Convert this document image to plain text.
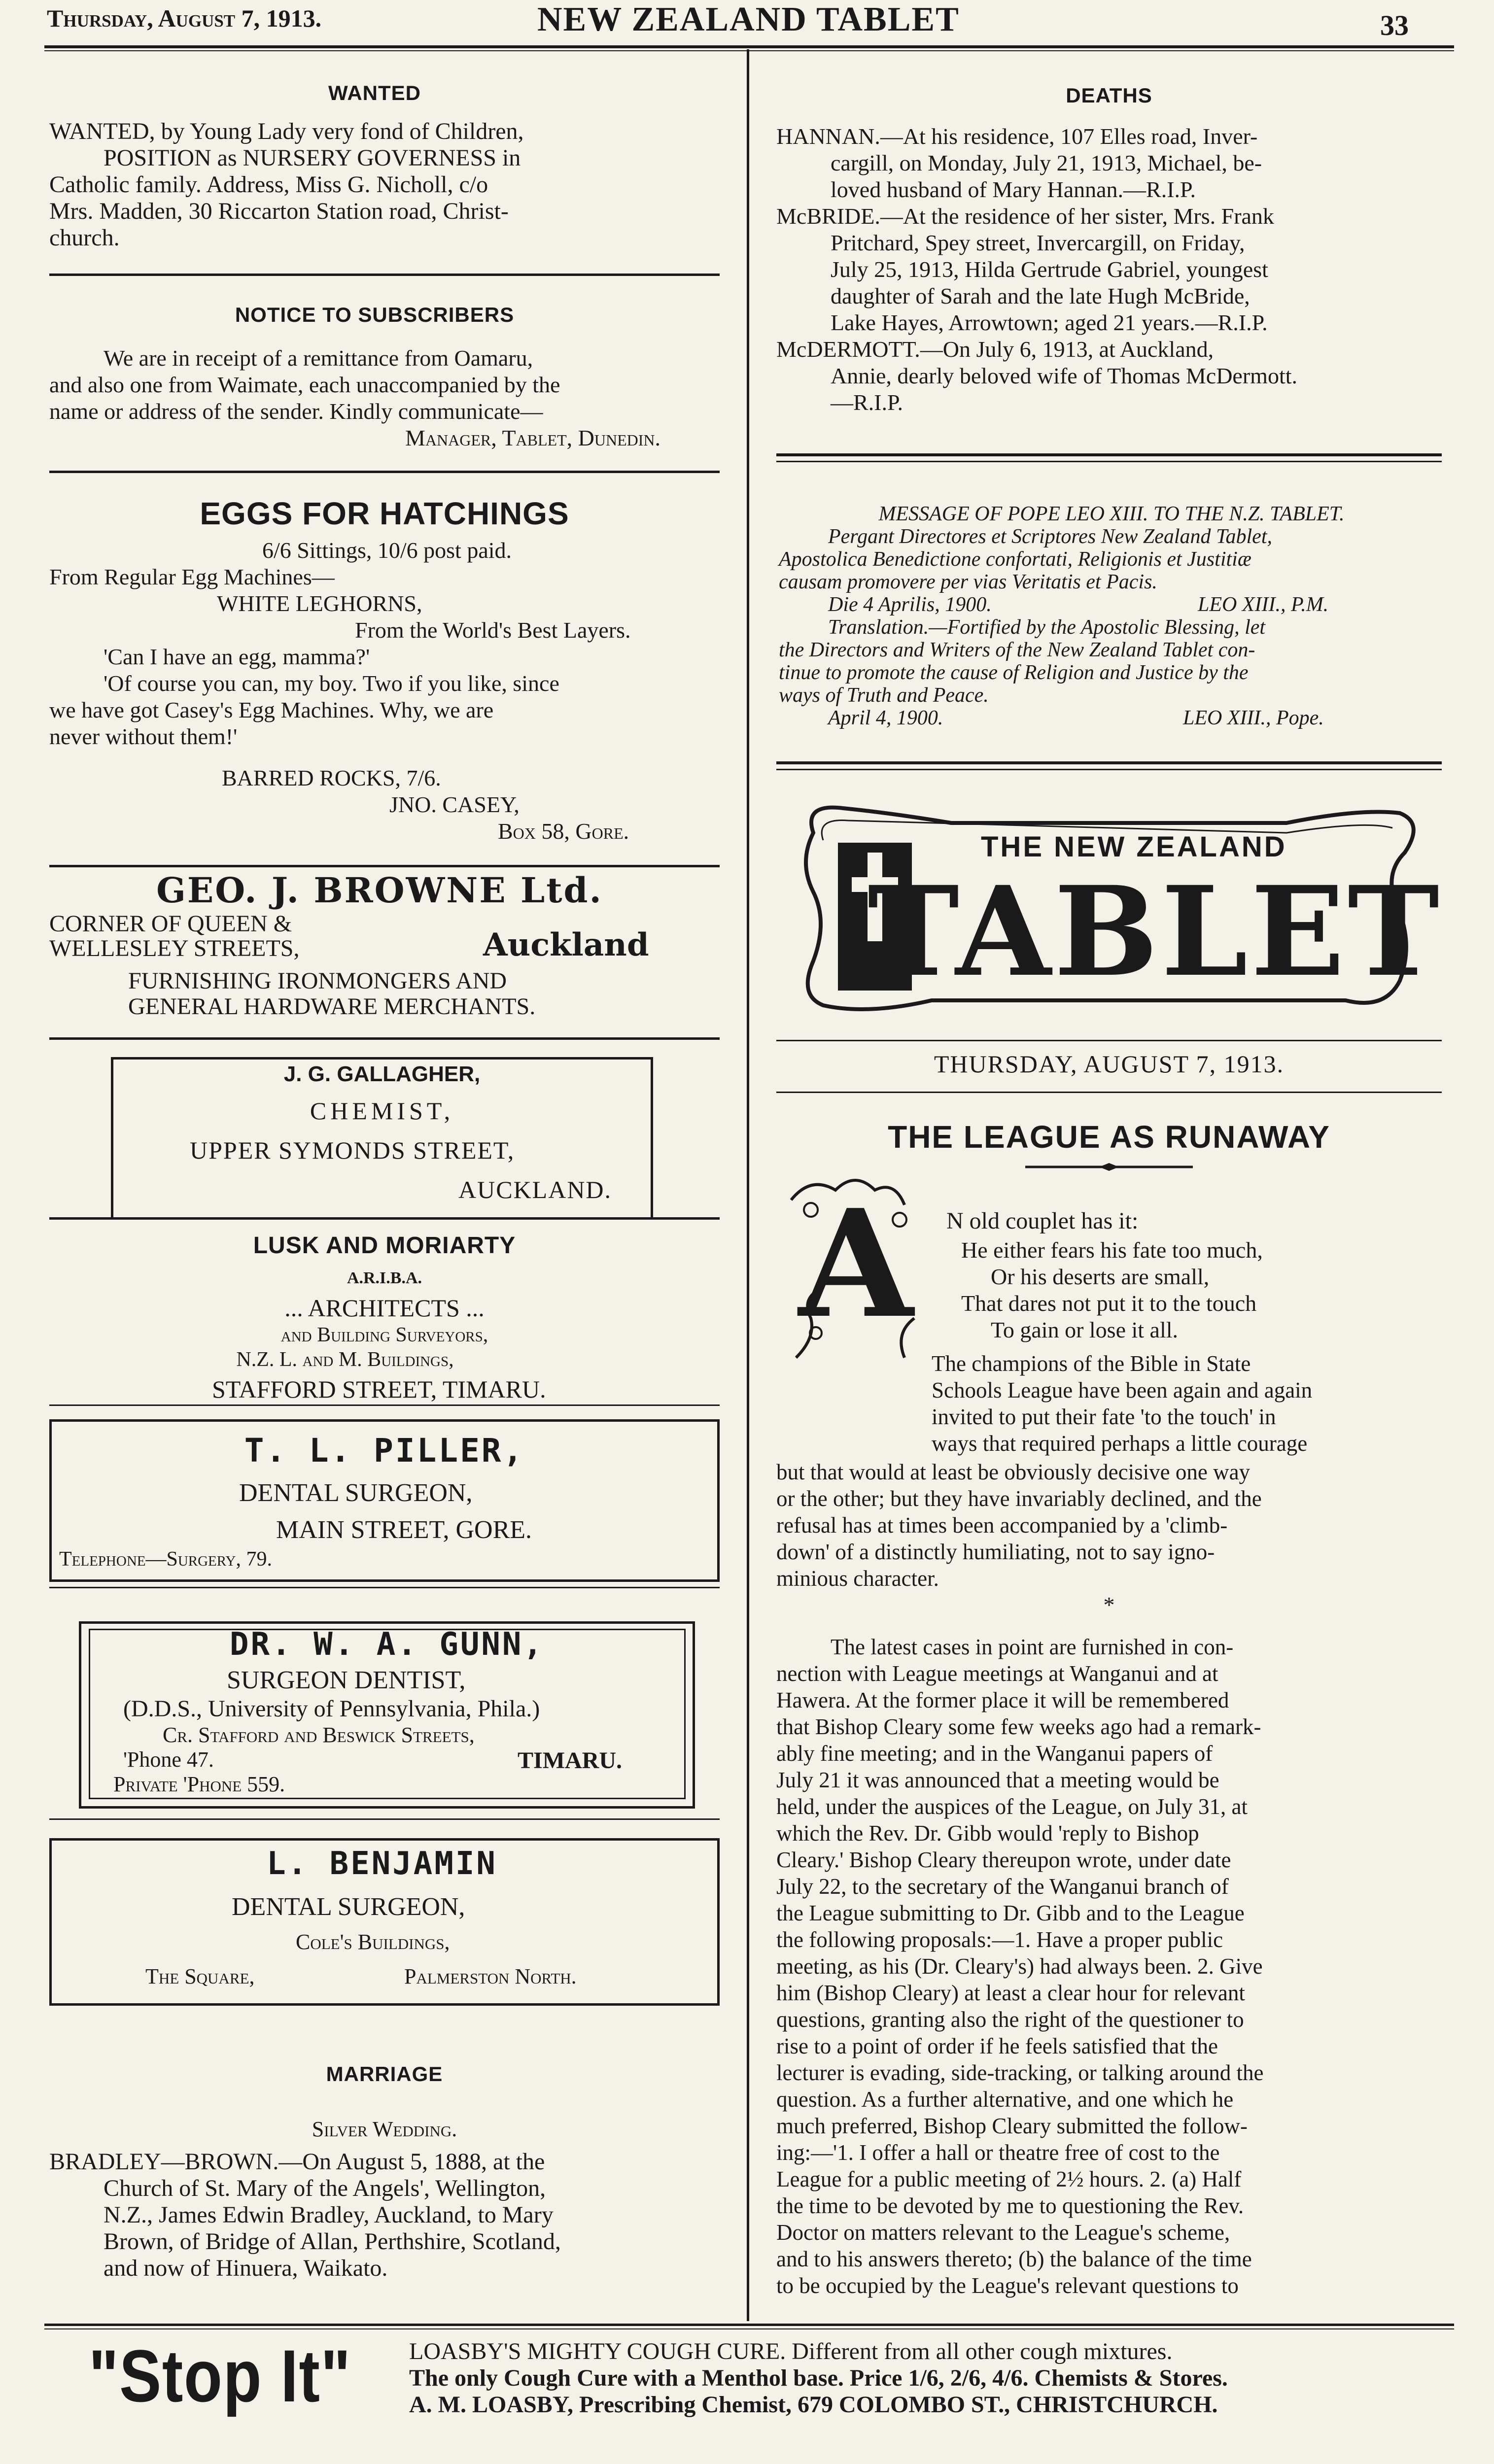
Thursday, August 7, 1913.	NEW ZEALAND TABLET	33
WANTED

WANTED, by Young Lady very fond of Children,

POSITION as NURSERY GOVERNESS in

Catholic family. Address, Miss G. Nicholl, c/o

Mrs. Madden, 30 Riccarton Station road, Christ-

church.

NOTICE TO SUBSCRIBERS

We are in receipt of a remittance from Oamaru,

and also one from Waimate, each unaccompanied by the

name or address of the sender. Kindly communicate—

Manager, Tablet, Dunedin.

EGGS FOR HATCHINGS

6/6 Sittings, 10/6 post paid.

From Regular Egg Machines—

WHITE LEGHORNS,

From the World's Best Layers.

'Can I have an egg, mamma?'

'Of course you can, my boy. Two if you like, since

we have got Casey's Egg Machines. Why, we are

never without them!'

BARRED ROCKS, 7/6.

JNO. CASEY,

Box 58, Gore.

GEO. J. BROWNE Ltd.

CORNER OF QUEEN &

WELLESLEY STREETS,	Auckland

FURNISHING IRONMONGERS AND

GENERAL HARDWARE MERCHANTS.

J. G. GALLAGHER,
CHEMIST,
UPPER SYMONDS STREET,
AUCKLAND.
LUSK AND MORIARTY
A.R.I.B.A.
... ARCHITECTS ...
and Building Surveyors,
N.Z. L. and M. Buildings,
STAFFORD STREET, TIMARU.
T. L. PILLER,
DENTAL SURGEON,
MAIN STREET, GORE.
Telephone—Surgery, 79.
DR. W. A. GUNN,
SURGEON DENTIST,
(D.D.S., University of Pennsylvania, Phila.)
Cr. Stafford and Beswick Streets,
'Phone 47.	TIMARU.
Private 'Phone 559.
L. BENJAMIN
DENTAL SURGEON,
Cole's Buildings,
The Square,	Palmerston North.
MARRIAGE
Silver Wedding.

BRADLEY—BROWN.—On August 5, 1888, at the

Church of St. Mary of the Angels', Wellington,

N.Z., James Edwin Bradley, Auckland, to Mary

Brown, of Bridge of Allan, Perthshire, Scotland,

and now of Hinuera, Waikato.

DEATHS

HANNAN.—At his residence, 107 Elles road, Inver-

cargill, on Monday, July 21, 1913, Michael, be-

loved husband of Mary Hannan.—R.I.P.

McBRIDE.—At the residence of her sister, Mrs. Frank

Pritchard, Spey street, Invercargill, on Friday,

July 25, 1913, Hilda Gertrude Gabriel, youngest

daughter of Sarah and the late Hugh McBride,

Lake Hayes, Arrowtown; aged 21 years.—R.I.P.

McDERMOTT.—On July 6, 1913, at Auckland,

Annie, dearly beloved wife of Thomas McDermott.

—R.I.P.

MESSAGE OF POPE LEO XIII. TO THE N.Z. TABLET.

Pergant Directores et Scriptores New Zealand Tablet,

Apostolica Benedictione confortati, Religionis et Justitiæ

causam promovere per vias Veritatis et Pacis.

Die 4 Aprilis, 1900.	LEO XIII., P.M.

Translation.—Fortified by the Apostolic Blessing, let

the Directors and Writers of the New Zealand Tablet con-

tinue to promote the cause of Religion and Justice by the

ways of Truth and Peace.

April 4, 1900.	LEO XIII., Pope.
THE NEW ZEALAND
TABLET
THURSDAY, AUGUST 7, 1913.
THE LEAGUE AS RUNAWAY
A N old couplet has it:

He either fears his fate too much,

Or his deserts are small,

That dares not put it to the touch

To gain or lose it all.

The champions of the Bible in State

Schools League have been again and again

invited to put their fate 'to the touch' in

ways that required perhaps a little courage

but that would at least be obviously decisive one way

or the other; but they have invariably declined, and the

refusal has at times been accompanied by a 'climb-

down' of a distinctly humiliating, not to say igno-

minious character.

*

The latest cases in point are furnished in con-

nection with League meetings at Wanganui and at

Hawera. At the former place it will be remembered

that Bishop Cleary some few weeks ago had a remark-

ably fine meeting; and in the Wanganui papers of

July 21 it was announced that a meeting would be

held, under the auspices of the League, on July 31, at

which the Rev. Dr. Gibb would 'reply to Bishop

Cleary.' Bishop Cleary thereupon wrote, under date

July 22, to the secretary of the Wanganui branch of

the League submitting to Dr. Gibb and to the League

the following proposals:—1. Have a proper public

meeting, as his (Dr. Cleary's) had always been. 2. Give

him (Bishop Cleary) at least a clear hour for relevant

questions, granting also the right of the questioner to

rise to a point of order if he feels satisfied that the

lecturer is evading, side-tracking, or talking around the

question. As a further alternative, and one which he

much preferred, Bishop Cleary submitted the follow-

ing:—'1. I offer a hall or theatre free of cost to the

League for a public meeting of 2½ hours. 2. (a) Half

the time to be devoted by me to questioning the Rev.

Doctor on matters relevant to the League's scheme,

and to his answers thereto; (b) the balance of the time

to be occupied by the League's relevant questions to

"Stop It" LOASBY'S MIGHTY COUGH CURE. Different from all other cough mixtures.

The only Cough Cure with a Menthol base. Price 1/6, 2/6, 4/6. Chemists & Stores.

A. M. LOASBY, Prescribing Chemist, 679 COLOMBO ST., CHRISTCHURCH.
